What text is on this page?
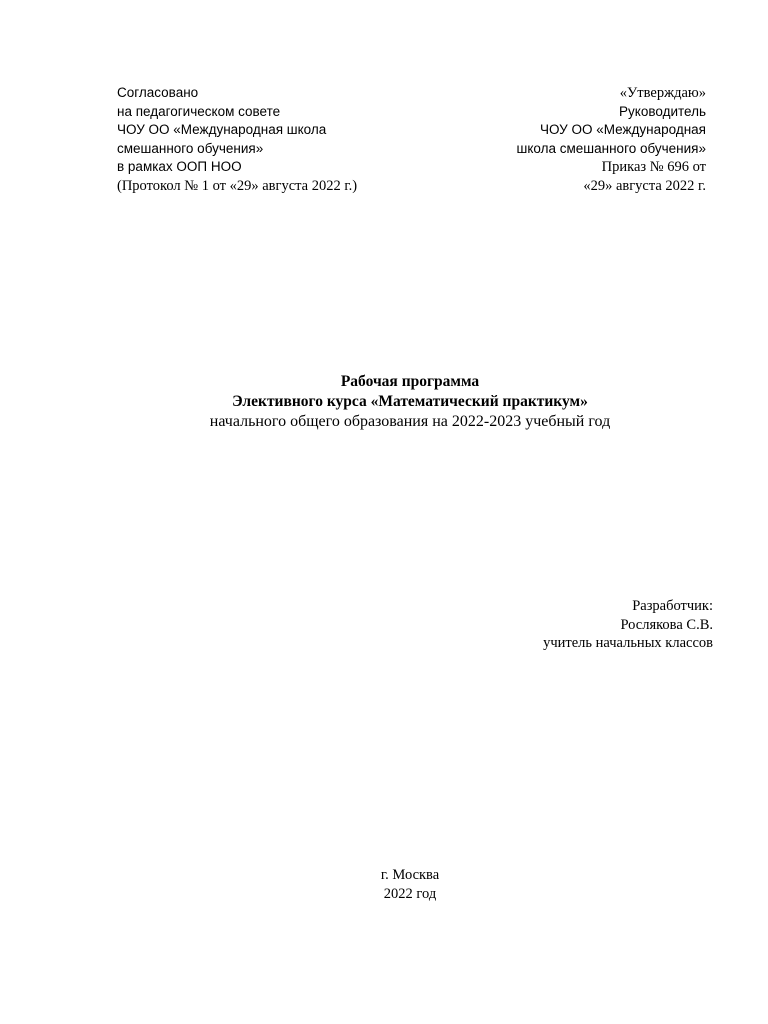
Согласовано
на педагогическом совете
ЧОУ ОО «Международная школа
смешанного обучения»
в рамках ООП НОО
(Протокол № 1 от «29» августа 2022 г.)
«Утверждаю»
Руководитель
ЧОУ ОО «Международная
школа смешанного обучения»
Приказ № 696 от
«29» августа 2022 г.
Рабочая программа
Элективного курса «Математический практикум»
начального общего образования на 2022-2023 учебный год
Разработчик:
Рослякова С.В.
учитель начальных классов
г. Москва
2022 год
